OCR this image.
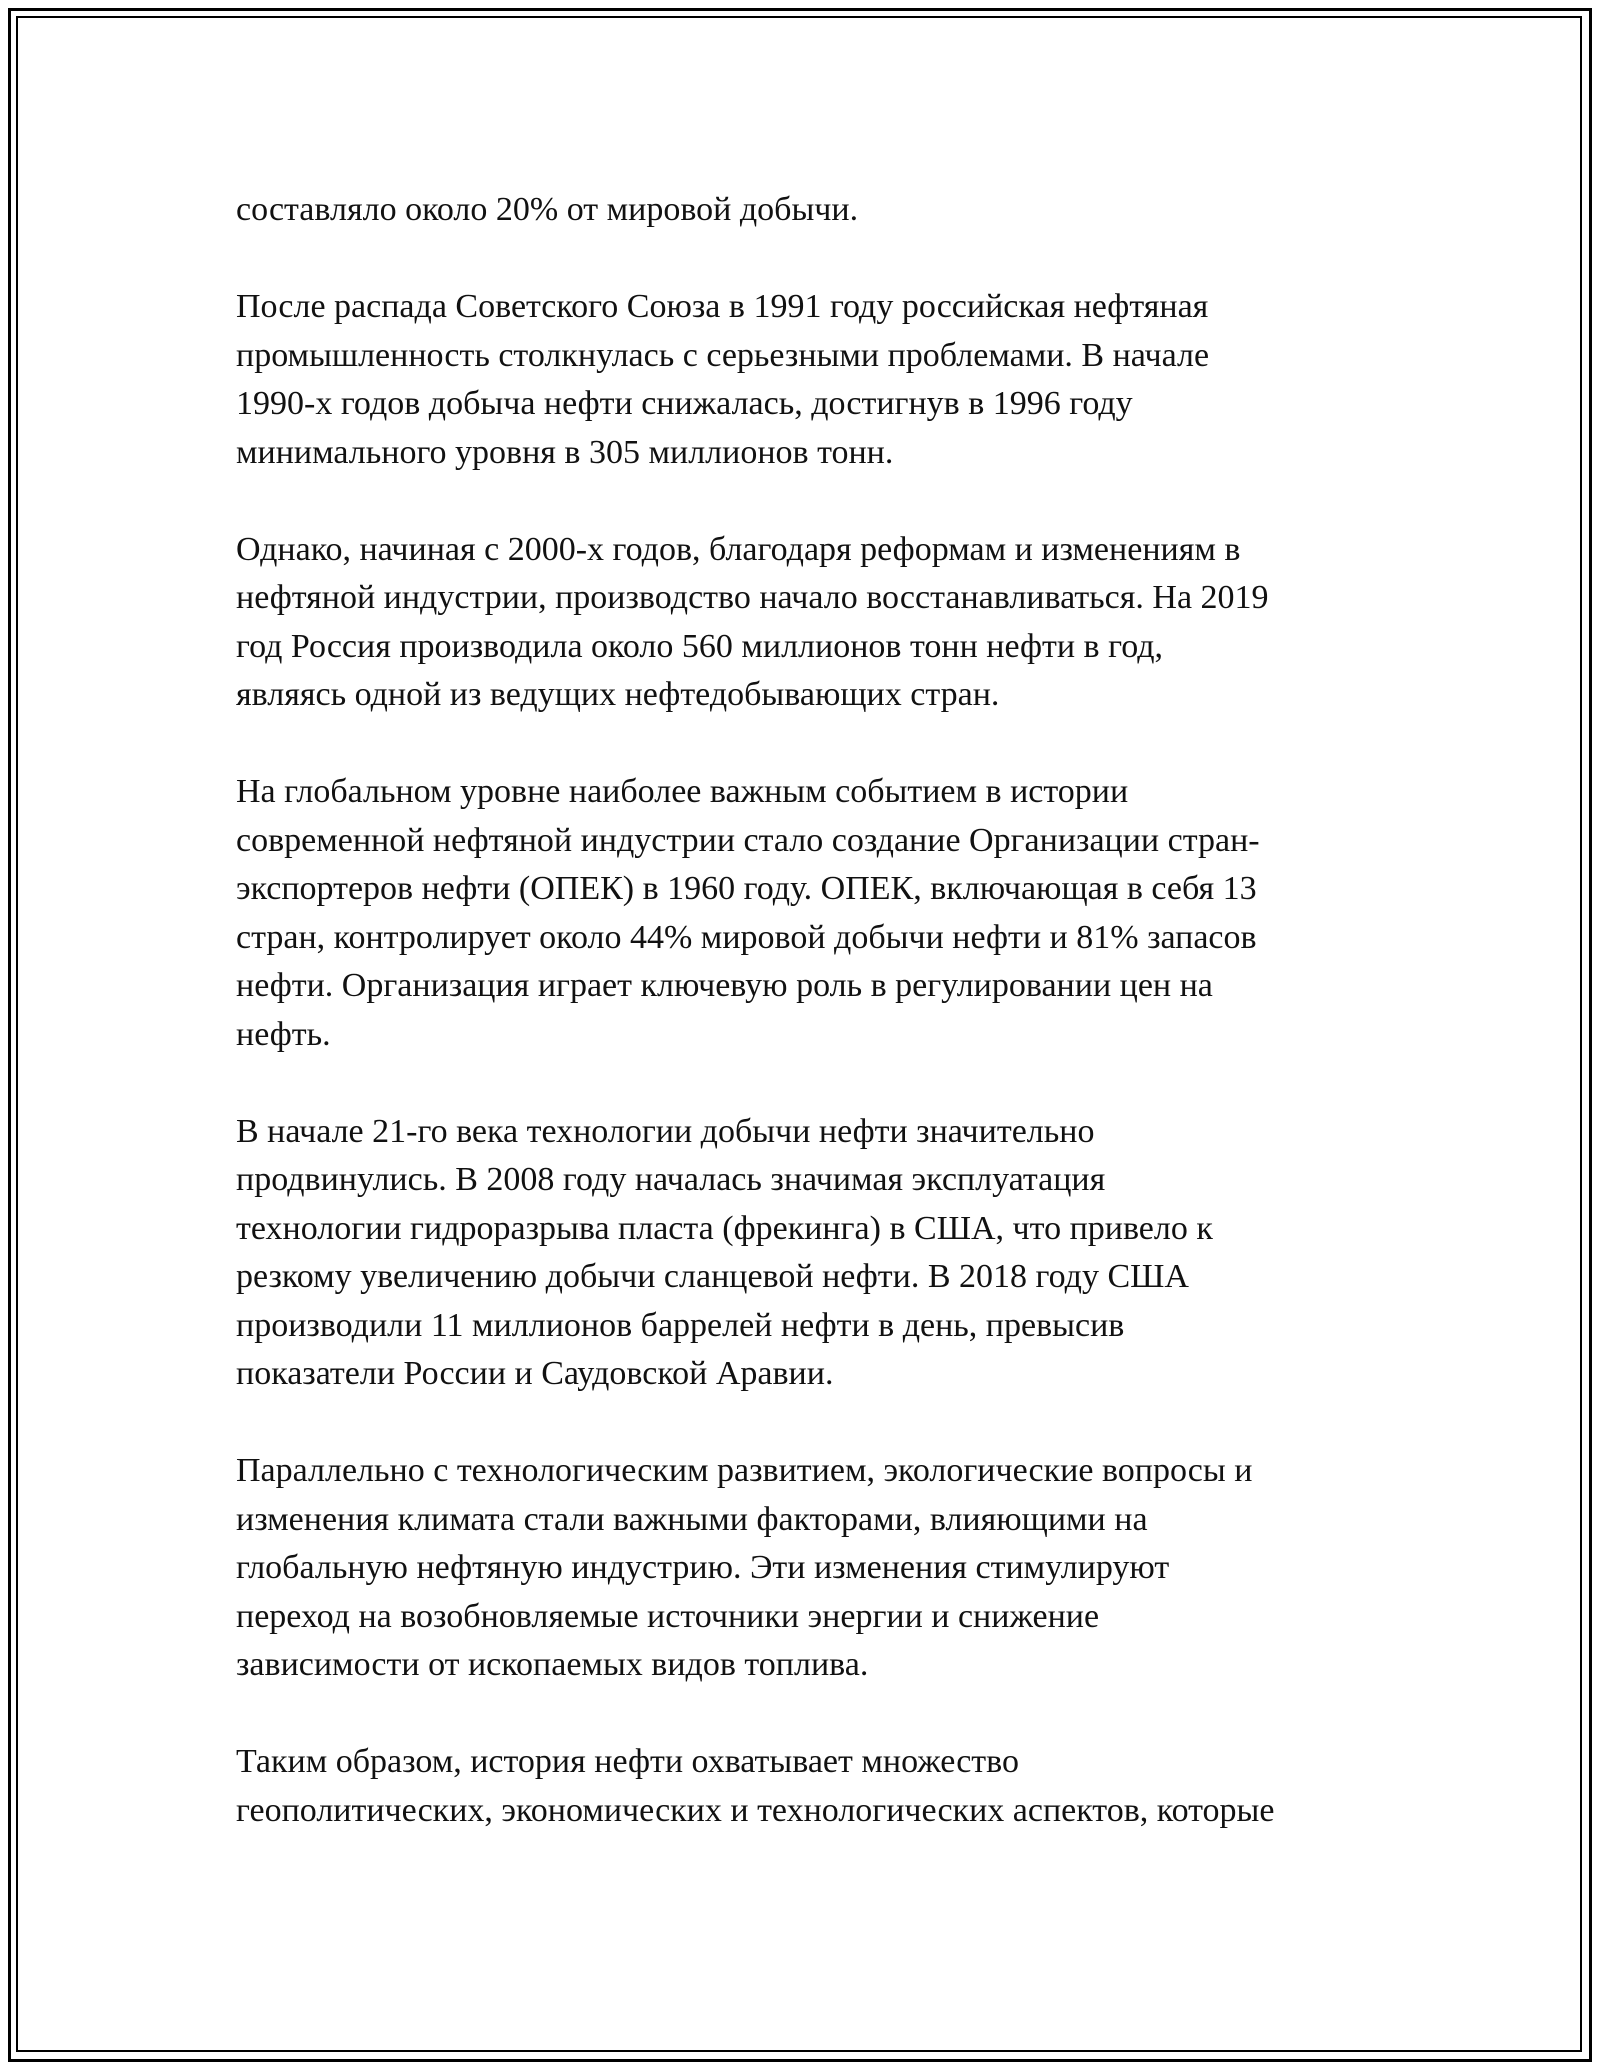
составляло около 20% от мировой добычи.

После распада Советского Союза в 1991 году российская нефтяная
промышленность столкнулась с серьезными проблемами. В начале
1990-х годов добыча нефти снижалась, достигнув в 1996 году
минимального уровня в 305 миллионов тонн.

Однако, начиная с 2000-х годов, благодаря реформам и изменениям в
нефтяной индустрии, производство начало восстанавливаться. На 2019
год Россия производила около 560 миллионов тонн нефти в год,
являясь одной из ведущих нефтедобывающих стран.

На глобальном уровне наиболее важным событием в истории
современной нефтяной индустрии стало создание Организации стран-
экспортеров нефти (ОПЕК) в 1960 году. ОПЕК, включающая в себя 13
стран, контролирует около 44% мировой добычи нефти и 81% запасов
нефти. Организация играет ключевую роль в регулировании цен на
нефть.

В начале 21-го века технологии добычи нефти значительно
продвинулись. В 2008 году началась значимая эксплуатация
технологии гидроразрыва пласта (фрекинга) в США, что привело к
резкому увеличению добычи сланцевой нефти. В 2018 году США
производили 11 миллионов баррелей нефти в день, превысив
показатели России и Саудовской Аравии.

Параллельно с технологическим развитием, экологические вопросы и
изменения климата стали важными факторами, влияющими на
глобальную нефтяную индустрию. Эти изменения стимулируют
переход на возобновляемые источники энергии и снижение
зависимости от ископаемых видов топлива.

Таким образом, история нефти охватывает множество
геополитических, экономических и технологических аспектов, которые
